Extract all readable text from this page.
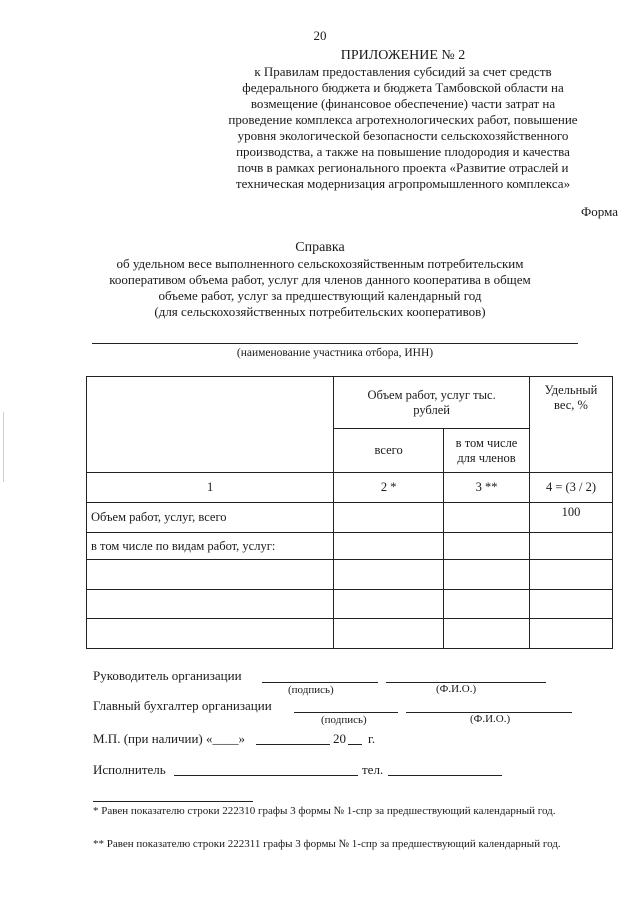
20
ПРИЛОЖЕНИЕ № 2
к Правилам предоставления субсидий за счет средств
федерального бюджета и бюджета Тамбовской области на
возмещение (финансовое обеспечение) части затрат на
проведение комплекса агротехнологических работ, повышение
уровня экологической безопасности сельскохозяйственного
производства, а также на повышение плодородия и качества
почв в рамках регионального проекта «Развитие отраслей и
техническая модернизация агропромышленного комплекса»
Форма
Справка
об удельном весе выполненного сельскохозяйственным потребительским
кооперативом объема работ, услуг для членов данного кооператива в общем
объеме работ, услуг за предшествующий календарный год
(для сельскохозяйственных потребительских кооперативов)
(наименование участника отбора, ИНН)

	Объем работ, услуг тыс. рублей		Удельный вес, %

	всего	в том числе для членов	

1	2 *	3 **	4 = (3 / 2)
Объем работ, услуг, всего			100
в том числе по видам работ, услуг:			

Руководитель организации
(подпись)	(Ф.И.О.)
Главный бухгалтер организации
(подпись)	(Ф.И.О.)
М.П. (при наличии) «____»	20 г.
Исполнитель	тел.
* Равен показателю строки 222310 графы 3 формы № 1-спр за предшествующий календарный год.
** Равен показателю строки 222311 графы 3 формы № 1-спр за предшествующий календарный год.
